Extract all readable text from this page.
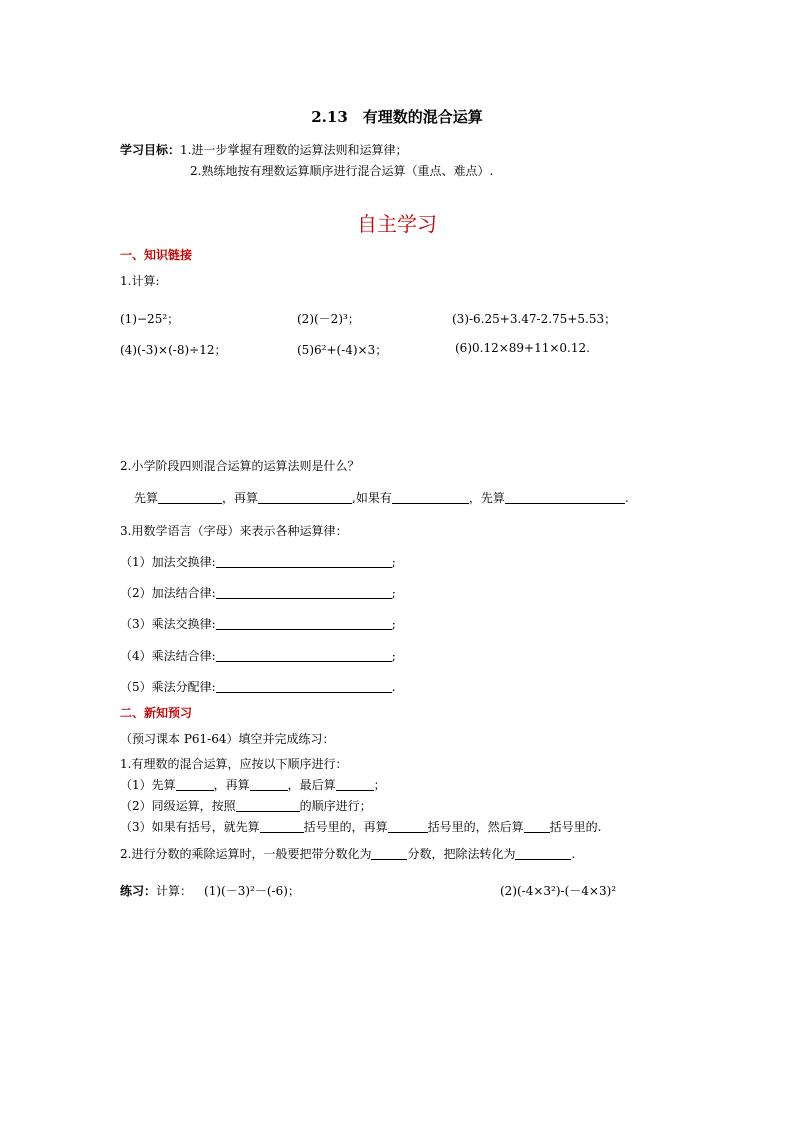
2.13　有理数的混合运算
学习目标：1.进一步掌握有理数的运算法则和运算律；
2.熟练地按有理数运算顺序进行混合运算（重点、难点）.
自主学习
一、知识链接
1.计算:
(1)−25²；	(2)(－2)³；	(3)-6.25+3.47-2.75+5.53；
(4)(-3)×(-8)÷12；	(5)6²+(-4)×3；	(6)0.12×89+11×0.12.
2.小学阶段四则混合运算的运算法则是什么？
先算	，再算	,如果有	，先算	.
3.用数学语言（字母）来表示各种运算律：
（1）加法交换律:	;
（2）加法结合律:	;
（3）乘法交换律:	;
（4）乘法结合律:	;
（5）乘法分配律:	.
二、新知预习
（预习课本 P61-64）填空并完成练习：
1.有理数的混合运算，应按以下顺序进行：
（1）先算	，再算	，最后算	；
（2）同级运算，按照	的顺序进行；
（3）如果有括号，就先算	括号里的，再算	括号里的，然后算 括号里的.
2.进行分数的乘除运算时，一般要把带分数化为	分数，把除法转化为	.
练习：计算： (1)(－3)²－(-6)；	(2)(-4×3²)-(－4×3)²
